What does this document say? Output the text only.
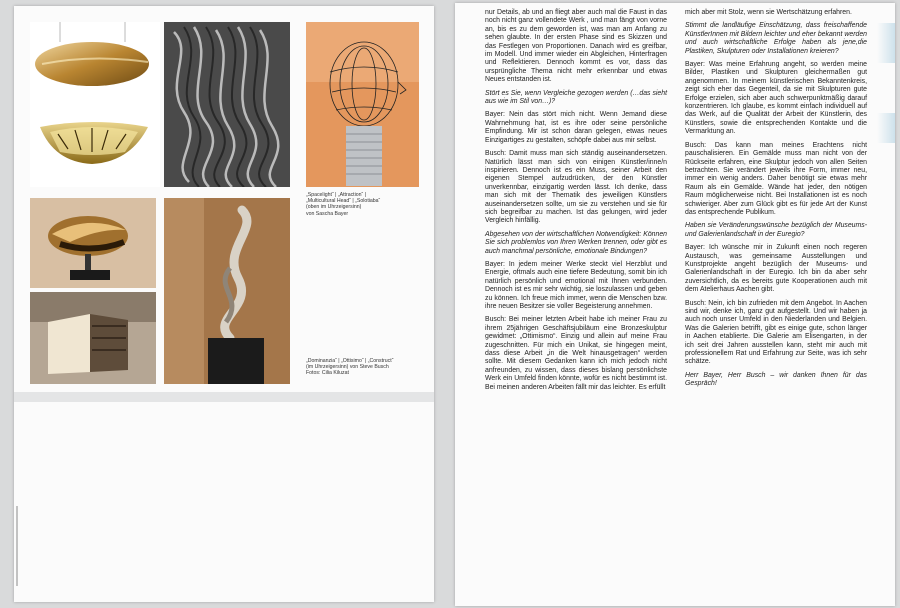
„Spacelight“ | „Attraction“ |
„Multicultural Head“ | „Solotiaba“
(oben im Uhrzeigersinn)
von Sascha Bayer
„Dominanzia“ | „Ottisimo“ | „Construct“
(im Uhrzeigersinn) von Steve Busch
Fotos: Cilia Kiluzat

nur Details, ab und an fliegt aber auch mal die Faust in das noch nicht ganz vollendete Werk , und man fängt von vorne an, bis es zu dem geworden ist, was man am Anfang zu sehen glaubte. In der ersten Phase sind es Skizzen und das Festlegen von Proportionen. Danach wird es greifbar, im Modell. Und immer wieder ein Abgleichen, Hinterfragen und Reflektieren. Dennoch kommt es vor, dass das ursprüngliche Thema nicht mehr erkennbar und etwas Neues entstanden ist.

Stört es Sie, wenn Vergleiche gezogen werden (…das sieht aus wie im Stil von…)?

Bayer: Nein das stört mich nicht. Wenn Jemand diese Wahrnehmung hat, ist es ihre oder seine persönliche Empfindung. Mir ist schon daran gelegen, etwas neues Einzigartiges zu gestalten, schöpfe dabei aus mir selbst.

Busch: Damit muss man sich ständig auseinandersetzen. Natürlich lässt man sich von einigen Künstler/inne/n inspirieren. Dennoch ist es ein Muss, seiner Arbeit den eigenen Stempel aufzudrücken, der den Künstler unverkennbar, einzigartig werden lässt. Ich denke, dass man sich mit der Thematik des jeweiligen Künstlers auseinandersetzen sollte, um sie zu verstehen und sie für sich begreifbar zu machen. Ist das gelungen, wird jeder Vergleich hinfällig.

Abgesehen von der wirtschaftlichen Notwendigkeit: Können Sie sich problemlos von Ihren Werken trennen, oder gibt es auch manchmal persönliche, emotionale Bindungen?

Bayer: In jedem meiner Werke steckt viel Herzblut und Energie, oftmals auch eine tiefere Bedeutung, somit bin ich natürlich persönlich und emotional mit Ihnen verbunden. Dennoch ist es mir sehr wichtig, sie loszulassen und geben zu können. Ich freue mich immer, wenn die Menschen bzw. ihre neuen Besitzer sie voller Begeisterung annehmen.

Busch: Bei meiner letzten Arbeit habe ich meiner Frau zu ihrem 25jährigen Geschäftsjubiläum eine Bronzeskulptur gewidmet: „Ottimismo“. Einzig und allein auf meine Frau zugeschnitten. Für mich ein Unikat, sie hingegen meint, dass diese Arbeit „in die Welt hinausgetragen“ werden sollte. Mit diesem Gedanken kann ich mich jedoch nicht anfreunden, zu wissen, dass dieses bislang persönlichste Werk ein Umfeld finden könnte, wofür es nicht bestimmt ist. Bei meinen anderen Arbeiten fällt mir das leichter. Es erfüllt

mich aber mit Stolz, wenn sie Wertschätzung erfahren.

Stimmt die landläufige Einschätzung, dass freischaffende KünstlerInnen mit Bildern leichter und eher bekannt werden und auch wirtschaftliche Erfolge haben als jene,die Plastiken, Skulpturen oder Installationen kreieren?

Bayer: Was meine Erfahrung angeht, so werden meine Bilder, Plastiken und Skulpturen gleichermaßen gut angenommen. In meinem künstlerischen Bekanntenkreis, zeigt sich eher das Gegenteil, da sie mit Skulpturen gute Erfolge erzielen, sich aber auch schwerpunktmäßig darauf konzentrieren. Ich glaube, es kommt einfach individuell auf das Werk, auf die Qualität der Arbeit der Künstlerin, des Künstlers, sowie die entsprechenden Kontakte und die Vermarktung an.

Busch: Das kann man meines Erachtens nicht pauschalisieren. Ein Gemälde muss man nicht von der Rückseite erfahren, eine Skulptur jedoch von allen Seiten betrachten. Sie verändert jeweils ihre Form, immer neu, immer ein wenig anders. Daher benötigt sie etwas mehr Raum als ein Gemälde. Wände hat jeder, den nötigen Raum möglicherweise nicht. Bei Installationen ist es noch schwieriger. Aber zum Glück gibt es für jede Art der Kunst das entsprechende Publikum.

Haben sie Veränderungswünsche bezüglich der Museums- und Galerienlandschaft in der Euregio?

Bayer: Ich wünsche mir in Zukunft einen noch regeren Austausch, was gemeinsame Ausstellungen und Kunstprojekte angeht bezüglich der Museums- und Galerienlandschaft in der Euregio. Ich bin da aber sehr zuversichtlich, da es bereits gute Kooperationen auch mit dem Atelierhaus Aachen gibt.

Busch: Nein, ich bin zufrieden mit dem Angebot. In Aachen sind wir, denke ich, ganz gut aufgestellt. Und wir haben ja auch noch unser Umfeld in den Niederlanden und Belgien. Was die Galerien betrifft, gibt es einige gute, schon länger in Aachen etablierte. Die Galerie am Elisengarten, in der ich seit drei Jahren ausstellen kann, steht mir auch mit professionellem Rat und Erfahrung zur Seite, was ich sehr schätze.

Herr Bayer, Herr Busch – wir danken Ihnen für das Gespräch!
